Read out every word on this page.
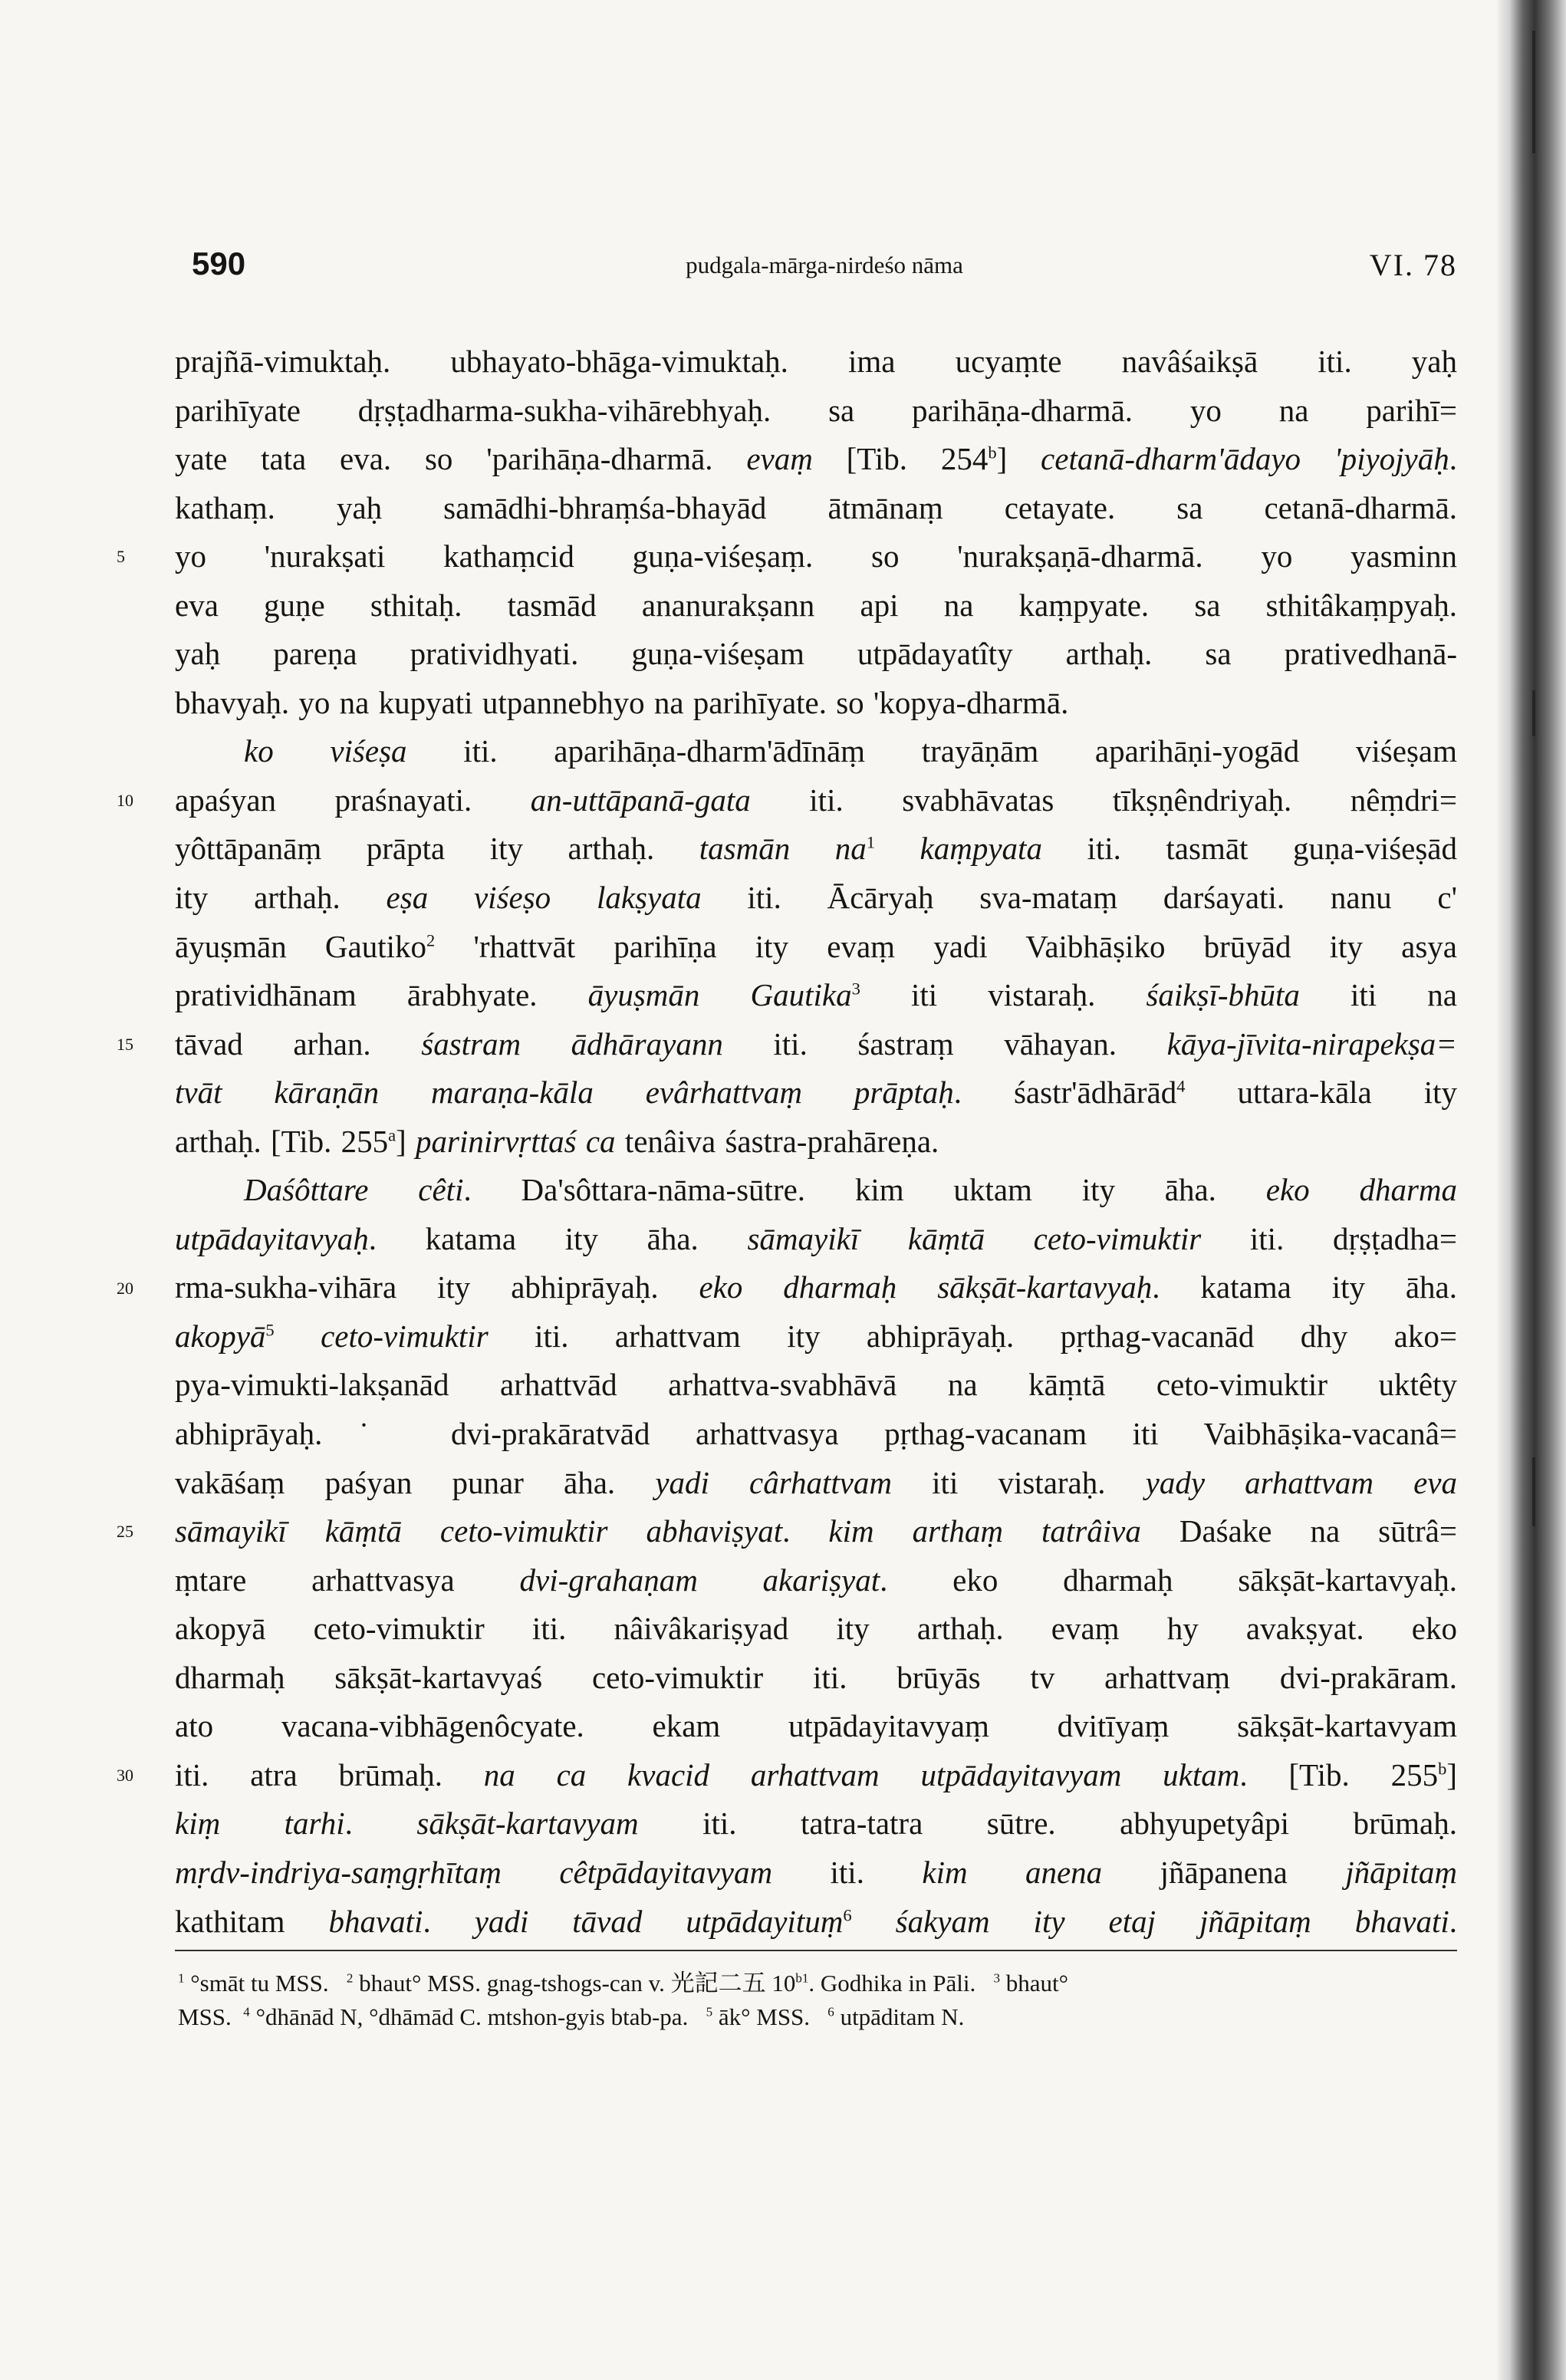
590	pudgala-mārga-nirdeśo nāma	VI. 78
5
10
15
20
25
30
prajñā-vimuktaḥ. ubhayato-bhāga-vimuktaḥ. ima ucyaṃte navâśaikṣā iti. yaḥ
parihīyate dṛṣṭadharma-sukha-vihārebhyaḥ. sa parihāṇa-dharmā. yo na parihī=
yate tata eva. so 'parihāṇa-dharmā. evaṃ [Tib. 254$^b$] cetanā-dharm'ādayo 'piyojyāḥ.
kathaṃ. yaḥ samādhi-bhraṃśa-bhayād ātmānaṃ cetayate. sa cetanā-dharmā.
yo 'nurakṣati kathaṃcid guṇa-viśeṣaṃ. so 'nurakṣaṇā-dharmā. yo yasminn
eva guṇe sthitaḥ. tasmād ananurakṣann api na kaṃpyate. sa sthitâkaṃpyaḥ.
yaḥ pareṇa pratividhyati. guṇa-viśeṣam utpādayatîty arthaḥ. sa prativedhanā-
bhavyaḥ. yo na kupyati utpannebhyo na parihīyate. so 'kopya-dharmā.
ko viśeṣa iti. aparihāṇa-dharm'ādīnāṃ trayāṇām aparihāṇi-yogād viśeṣam
apaśyan praśnayati. an-uttāpanā-gata iti. svabhāvatas tīkṣṇêndriyaḥ. nêṃdri=
yôttāpanāṃ prāpta ity arthaḥ. tasmān $na^1$ kaṃpyata iti. tasmāt guṇa-viśeṣād
ity arthaḥ. eṣa viśeṣo lakṣyata iti. Ācāryaḥ sva-mataṃ darśayati. nanu c'
āyuṣmān Gautiko$^2$ 'rhattvāt parihīṇa ity evaṃ yadi Vaibhāṣiko brūyād ity asya
pratividhānam ārabhyate. āyuṣmān Gautika$^3$ iti vistaraḥ. śaikṣī-bhūta iti na
tāvad arhan. śastram ādhārayann iti. śastraṃ vāhayan. kāya-jīvita-nirapekṣa=
tvāt kāraṇān maraṇa-kāla evârhattvaṃ prāptaḥ. śastr'ādhārād$^4$ uttara-kāla ity
arthaḥ. [Tib. 255$^a$] parinirvṛttaś ca tenâiva śastra-prahāreṇa.
Daśôttare cêti. Da'sôttara-nāma-sūtre. kim uktam ity āha. eko dharma
utpādayitavyaḥ. katama ity āha. sāmayikī kāṃtā ceto-vimuktir iti. dṛṣṭadha=
rma-sukha-vihāra ity abhiprāyaḥ. eko dharmaḥ sākṣāt-kartavyaḥ. katama ity āha.
akopyā$^5$ ceto-vimuktir iti. arhattvam ity abhiprāyaḥ. pṛthag-vacanād dhy ako=
pya-vimukti-lakṣanād arhattvād arhattva-svabhāvā na kāṃtā ceto-vimuktir uktêty
abhiprāyaḥ.˙ dvi-prakāratvād arhattvasya pṛthag-vacanam iti Vaibhāṣika-vacanâ=
vakāśaṃ paśyan punar āha. yadi cârhattvam iti vistaraḥ. yady arhattvam eva
sāmayikī kāṃtā ceto-vimuktir abhaviṣyat. kim arthaṃ tatrâiva Daśake na sūtrâ=
ṃtare arhattvasya dvi-grahaṇam akariṣyat. eko dharmaḥ sākṣāt-kartavyaḥ.
akopyā ceto-vimuktir iti. nâivâkariṣyad ity arthaḥ. evaṃ hy avakṣyat. eko
dharmaḥ sākṣāt-kartavyaś ceto-vimuktir iti. brūyās tv arhattvaṃ dvi-prakāram.
ato vacana-vibhāgenôcyate. ekam utpādayitavyaṃ dvitīyaṃ sākṣāt-kartavyam
iti. atra brūmaḥ. na ca kvacid arhattvam utpādayitavyam uktam. [Tib. 255$^b$]
kiṃ tarhi. sākṣāt-kartavyam iti. tatra-tatra sūtre. abhyupetyâpi brūmaḥ.
mṛdv-indriya-saṃgṛhītaṃ cêtpādayitavyam iti. kim anena jñāpanena jñāpitaṃ
kathitam bhavati. yadi tāvad utpādayituṃ$^6$ śakyam ity etaj jñāpitaṃ bhavati.
$^1$ °smāt tu MSS.   $^2$ bhaut° MSS. gnag-tshogs-can v. 光記二五 $10^{b1}$. Godhika in Pāli.   $^3$ bhaut°
MSS.  $^4$ °dhānād N, °dhāmād C. mtshon-gyis btab-pa.   $^5$ āk° MSS.   $^6$ utpāditam N.
